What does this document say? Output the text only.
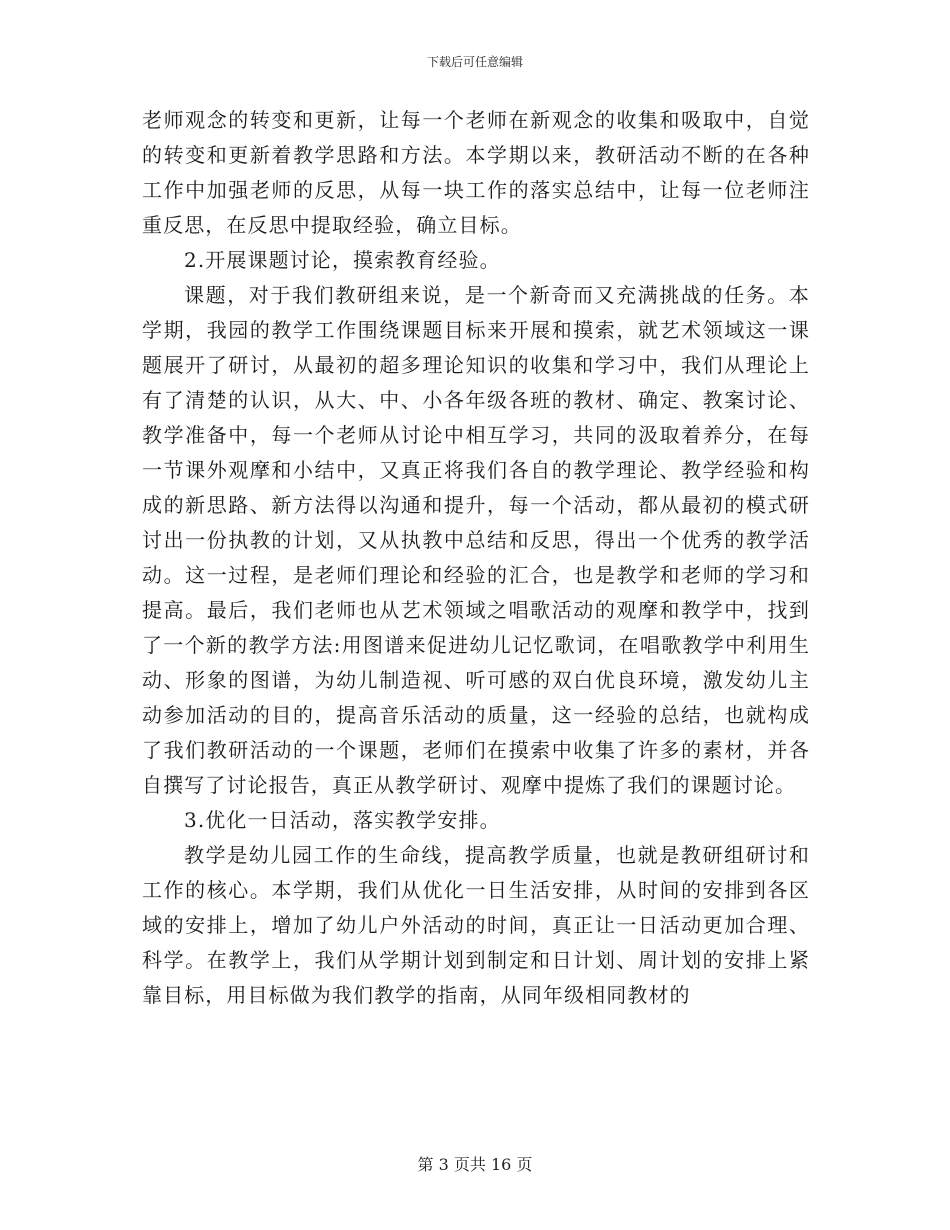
下载后可任意编辑

老师观念的转变和更新，让每一个老师在新观念的收集和吸取中，自觉的转变和更新着教学思路和方法。本学期以来，教研活动不断的在各种工作中加强老师的反思，从每一块工作的落实总结中，让每一位老师注重反思，在反思中提取经验，确立目标。

2.开展课题讨论，摸索教育经验。

课题，对于我们教研组来说，是一个新奇而又充满挑战的任务。本学期，我园的教学工作围绕课题目标来开展和摸索，就艺术领域这一课题展开了研讨，从最初的超多理论知识的收集和学习中，我们从理论上有了清楚的认识，从大、中、小各年级各班的教材、确定、教案讨论、教学准备中，每一个老师从讨论中相互学习，共同的汲取着养分，在每一节课外观摩和小结中，又真正将我们各自的教学理论、教学经验和构成的新思路、新方法得以沟通和提升，每一个活动，都从最初的模式研讨出一份执教的计划，又从执教中总结和反思，得出一个优秀的教学活动。这一过程，是老师们理论和经验的汇合，也是教学和老师的学习和提高。最后，我们老师也从艺术领域之唱歌活动的观摩和教学中，找到了一个新的教学方法:用图谱来促进幼儿记忆歌词，在唱歌教学中利用生动、形象的图谱，为幼儿制造视、听可感的双白优良环境，激发幼儿主动参加活动的目的，提高音乐活动的质量，这一经验的总结，也就构成了我们教研活动的一个课题，老师们在摸索中收集了许多的素材，并各自撰写了讨论报告，真正从教学研讨、观摩中提炼了我们的课题讨论。

3.优化一日活动，落实教学安排。

教学是幼儿园工作的生命线，提高教学质量，也就是教研组研讨和工作的核心。本学期，我们从优化一日生活安排，从时间的安排到各区域的安排上，增加了幼儿户外活动的时间，真正让一日活动更加合理、科学。在教学上，我们从学期计划到制定和日计划、周计划的安排上紧靠目标，用目标做为我们教学的指南，从同年级相同教材的

第 3 页共 16 页
